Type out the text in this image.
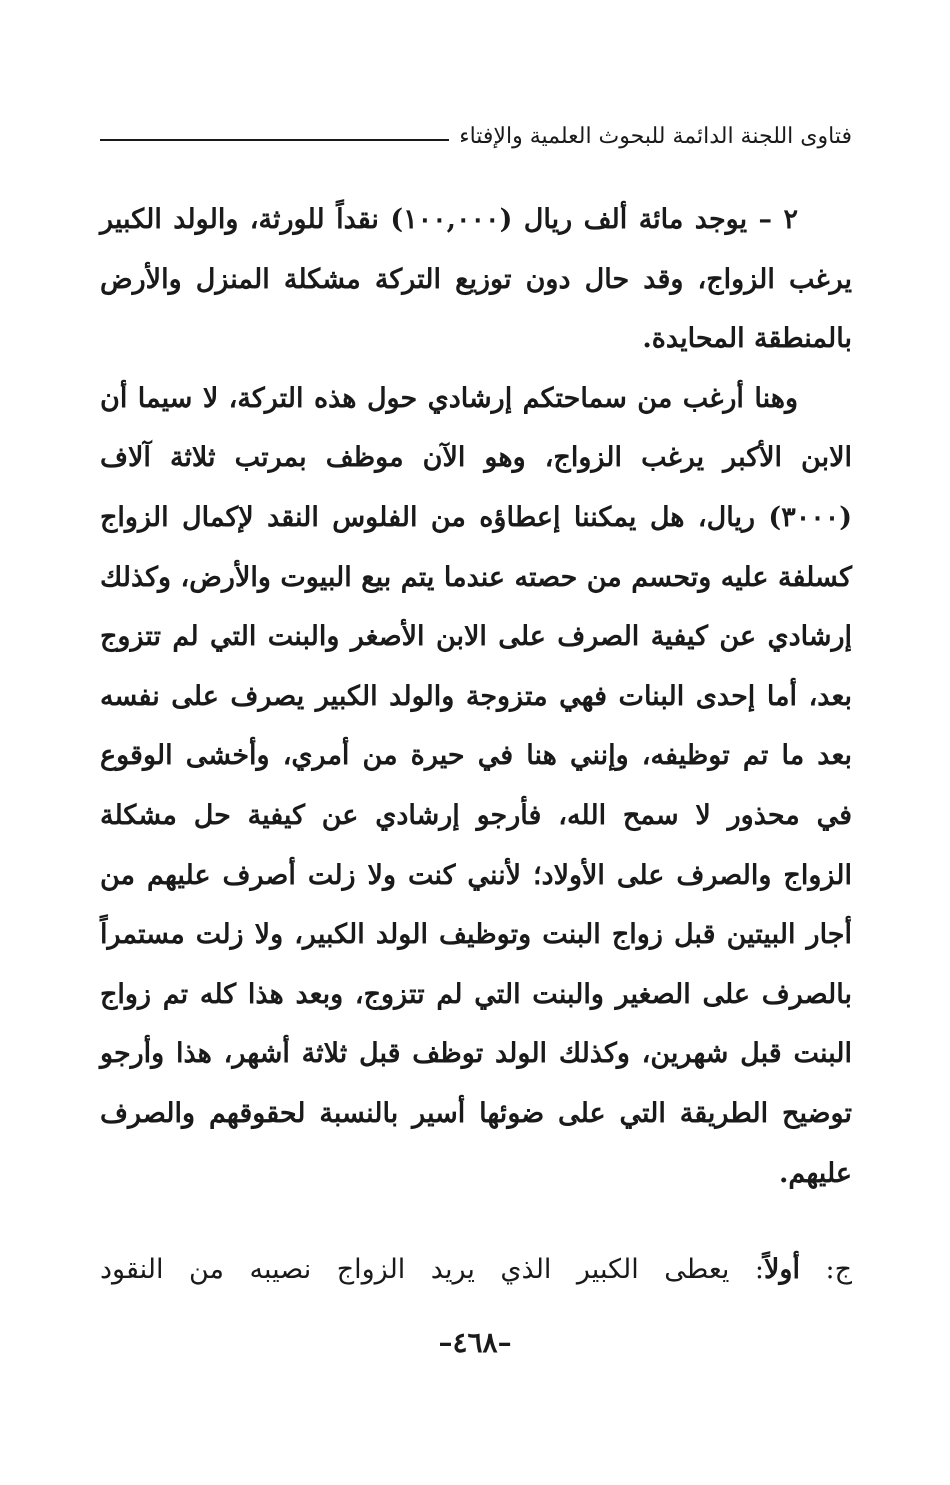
فتاوى اللجنة الدائمة للبحوث العلمية والإفتاء

٢ – يوجد مائة ألف ريال (١٠٠,٠٠٠) نقداً للورثة، والولد الكبير يرغب الزواج، وقد حال دون توزيع التركة مشكلة المنزل والأرض بالمنطقة المحايدة.

وهنا أرغب من سماحتكم إرشادي حول هذه التركة، لا سيما أن الابن الأكبر يرغب الزواج، وهو الآن موظف بمرتب ثلاثة آلاف (٣٠٠٠) ريال، هل يمكننا إعطاؤه من الفلوس النقد لإكمال الزواج كسلفة عليه وتحسم من حصته عندما يتم بيع البيوت والأرض، وكذلك إرشادي عن كيفية الصرف على الابن الأصغر والبنت التي لم تتزوج بعد، أما إحدى البنات فهي متزوجة والولد الكبير يصرف على نفسه بعد ما تم توظيفه، وإنني هنا في حيرة من أمري، وأخشى الوقوع في محذور لا سمح الله، فأرجو إرشادي عن كيفية حل مشكلة الزواج والصرف على الأولاد؛ لأنني كنت ولا زلت أصرف عليهم من أجار البيتين قبل زواج البنت وتوظيف الولد الكبير، ولا زلت مستمراً بالصرف على الصغير والبنت التي لم تتزوج، وبعد هذا كله تم زواج البنت قبل شهرين، وكذلك الولد توظف قبل ثلاثة أشهر، هذا وأرجو توضيح الطريقة التي على ضوئها أسير بالنسبة لحقوقهم والصرف عليهم.

ج: أولاً: يعطى الكبير الذي يريد الزواج نصيبه من النقود
–٤٦٨–
